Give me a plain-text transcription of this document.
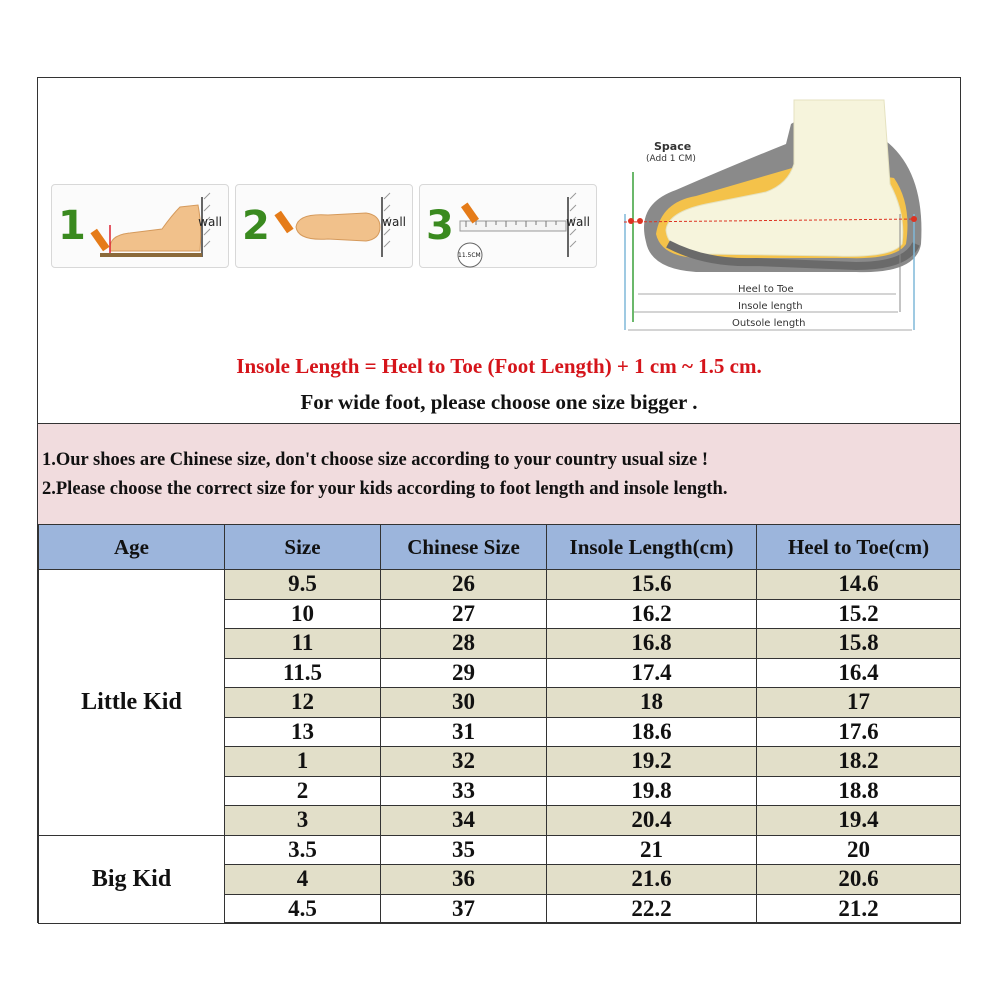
1	wall 2	wall 3	wall
11.5CM
Space
(Add 1 CM)
Heel to Toe
Insole length
Outsole length
Insole Length = Heel to Toe (Foot Length) + 1 cm ~ 1.5 cm.
For wide foot, please choose one size bigger .
1.Our shoes are Chinese size, don't choose size according to your country usual size !
2.Please choose the correct size for your kids according to foot length and insole length.
Age	Size	Chinese Size	Insole Length(cm)	Heel to Toe(cm)
Little Kid	9.5	26	15.6	14.6
	10	27	16.2	15.2
	11	28	16.8	15.8
	11.5	29	17.4	16.4
	12	30	18	17
	13	31	18.6	17.6
	1	32	19.2	18.2
	2	33	19.8	18.8
	3	34	20.4	19.4
Big Kid	3.5	35	21	20
	4	36	21.6	20.6
	4.5	37	22.2	21.2
